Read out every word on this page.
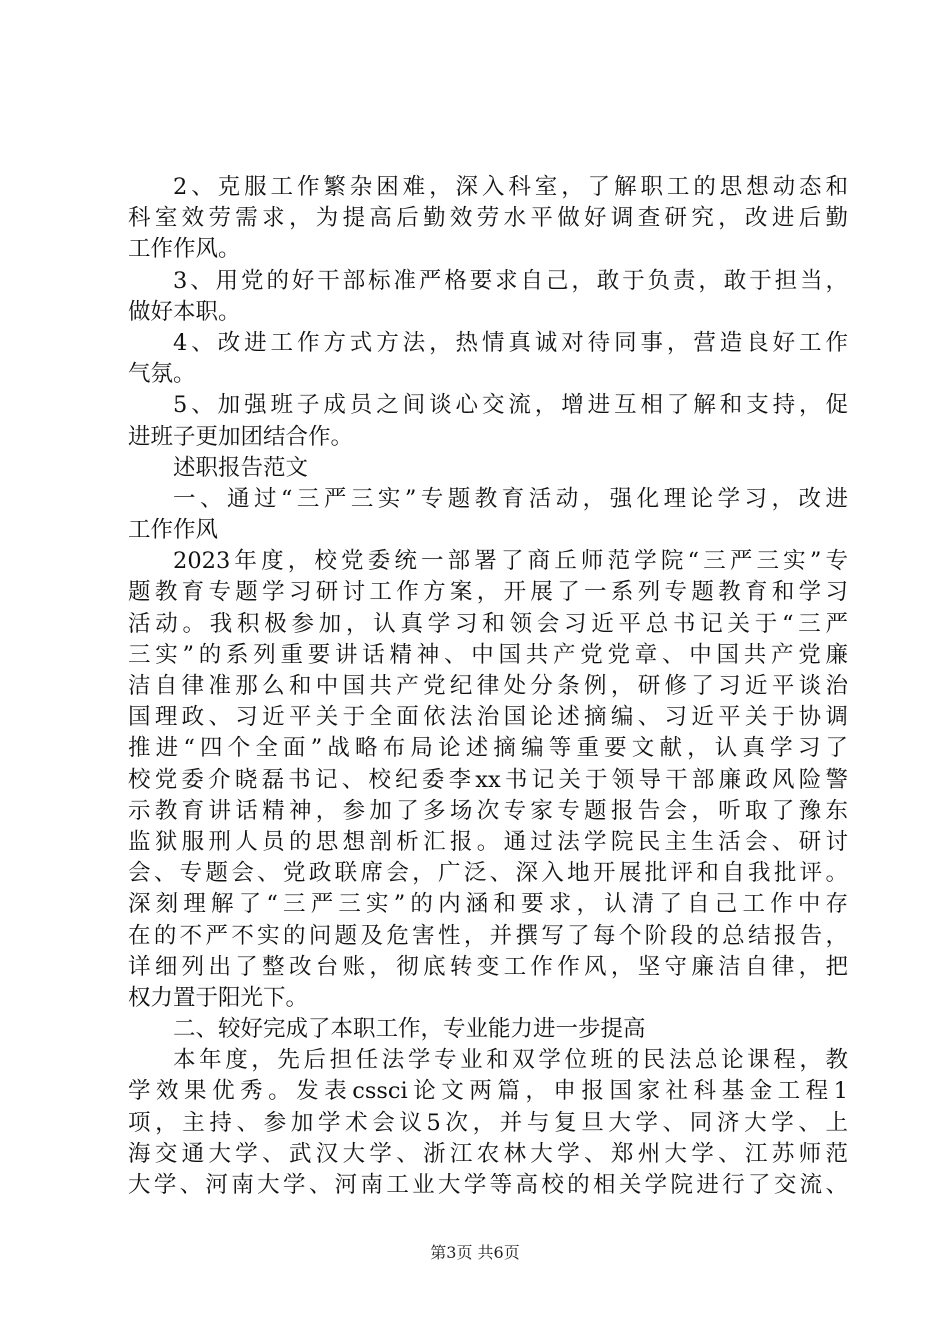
2、克服工作繁杂困难，深入科室，了解职工的思想动态和
科室效劳需求，为提高后勤效劳水平做好调查研究，改进后勤
工作作风。
3、用党的好干部标准严格要求自己，敢于负责，敢于担当，
做好本职。
4、改进工作方式方法，热情真诚对待同事，营造良好工作
气氛。
5、加强班子成员之间谈心交流，增进互相了解和支持，促
进班子更加团结合作。
述职报告范文
一、通过“三严三实”专题教育活动，强化理论学习，改进
工作作风
2023年度，校党委统一部署了商丘师范学院“三严三实”专
题教育专题学习研讨工作方案，开展了一系列专题教育和学习
活动。我积极参加，认真学习和领会习近平总书记关于“三严
三实”的系列重要讲话精神、中国共产党党章、中国共产党廉
洁自律准那么和中国共产党纪律处分条例，研修了习近平谈治
国理政、习近平关于全面依法治国论述摘编、习近平关于协调
推进“四个全面”战略布局论述摘编等重要文献，认真学习了
校党委介晓磊书记、校纪委李xx书记关于领导干部廉政风险警
示教育讲话精神，参加了多场次专家专题报告会，听取了豫东
监狱服刑人员的思想剖析汇报。通过法学院民主生活会、研讨
会、专题会、党政联席会，广泛、深入地开展批评和自我批评。
深刻理解了“三严三实”的内涵和要求，认清了自己工作中存
在的不严不实的问题及危害性，并撰写了每个阶段的总结报告，
详细列出了整改台账，彻底转变工作作风，坚守廉洁自律，把
权力置于阳光下。
二、较好完成了本职工作，专业能力进一步提高
本年度，先后担任法学专业和双学位班的民法总论课程，教
学效果优秀。发表cssci论文两篇，申报国家社科基金工程1
项，主持、参加学术会议5次，并与复旦大学、同济大学、上
海交通大学、武汉大学、浙江农林大学、郑州大学、江苏师范
大学、河南大学、河南工业大学等高校的相关学院进行了交流、
第3页 共6页
